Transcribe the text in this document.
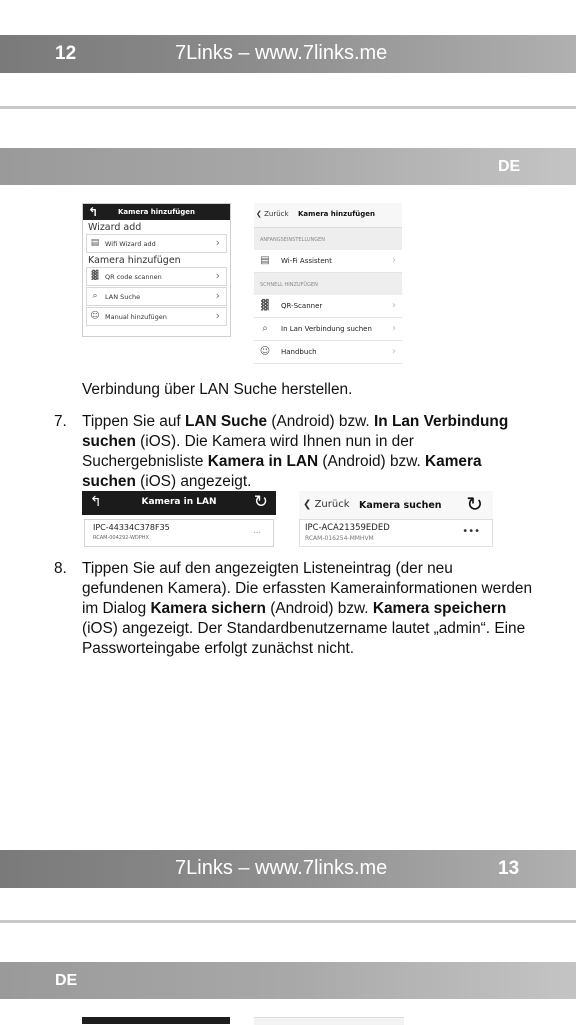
12	7Links – www.7links.me
DE
↰	Kamera hinzufügen
Wizard add
▤ Wifi Wizard add	›
Kamera hinzufügen
▓ QR code scannen	›
⌕	LAN Suche	›
☺ Manual hinzufügen	›
❮ Zurück Kamera hinzufügen
ANFANGSEINSTELLUNGEN
▤ Wi-Fi Assistent	›
SCHNELL HINZUFÜGEN
▓	QR-Scanner	›
⌕	In Lan Verbindung suchen ›
☺ Handbuch	›
Verbindung über LAN Suche herstellen.
7. Tippen Sie auf LAN Suche (Android) bzw. In Lan Verbindung suchen (iOS). Die Kamera wird Ihnen nun in der Suchergebnisliste Kamera in LAN (Android) bzw. Kamera suchen (iOS) angezeigt.
↰	Kamera in LAN	↻
IPC-44334C378F35
RCAM-004292-WDPHX
...
❮ Zurück Kamera suchen ↻
IPC-ACA21359EDED
RCAM-016254-MMHVM
•••
8. Tippen Sie auf den angezeigten Listeneintrag (der neu gefundenen Kamera). Die erfassten Kamerainformationen werden im Dialog Kamera sichern (Android) bzw. Kamera speichern (iOS) angezeigt. Der Standardbenutzername lautet „admin“. Eine Passworteingabe erfolgt zunächst nicht.
7Links – www.7links.me	13
DE
